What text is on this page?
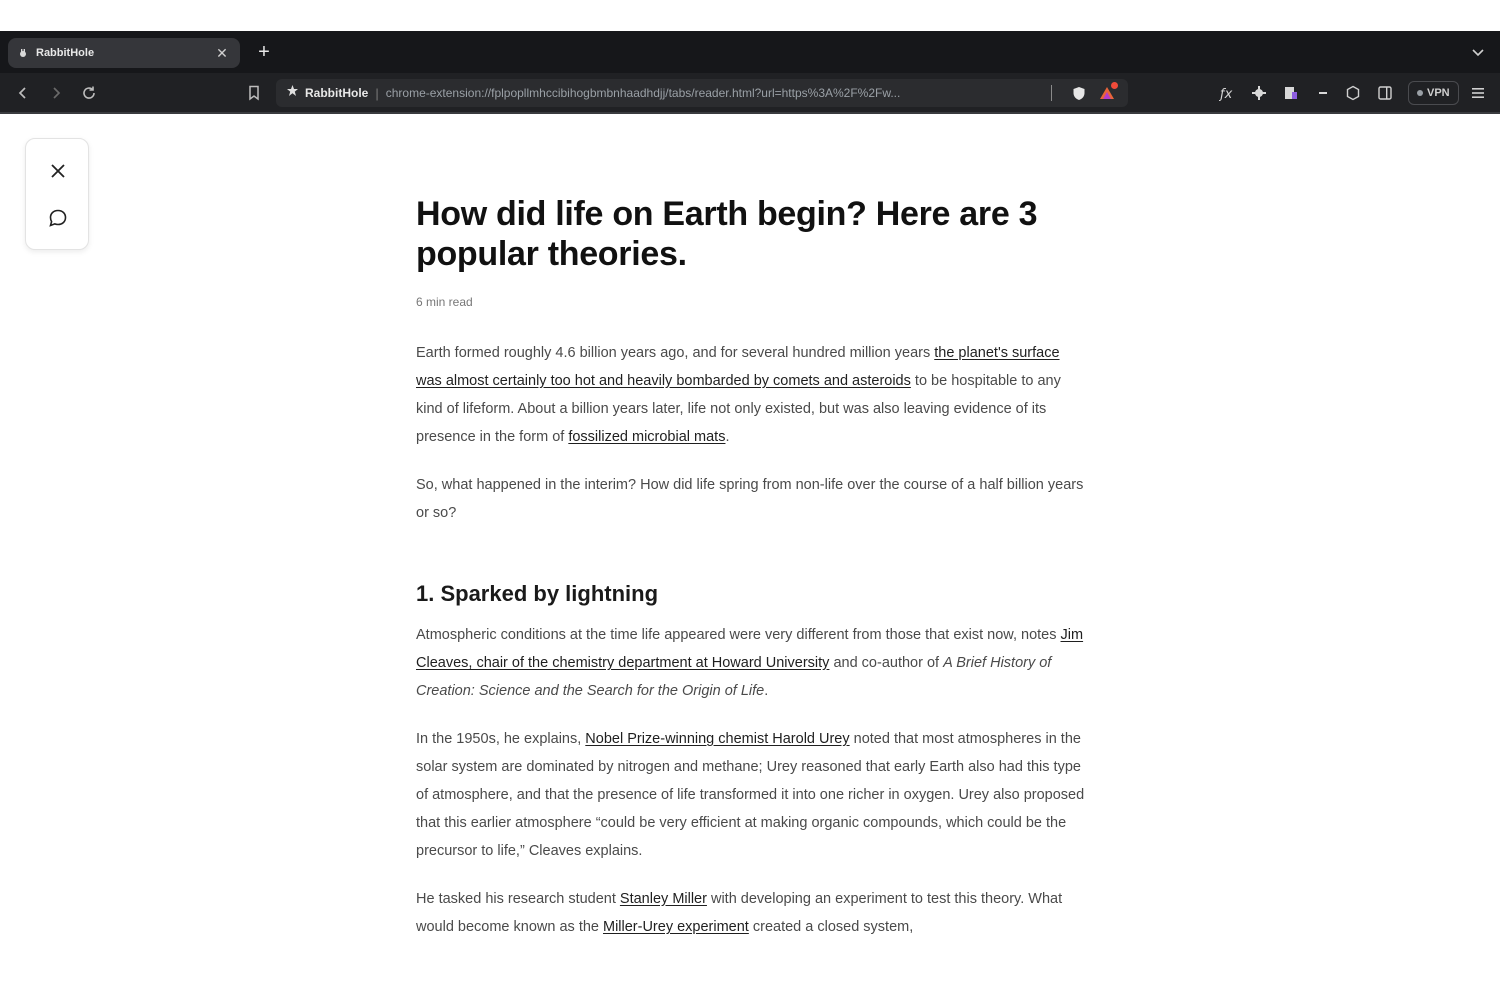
RabbitHole	✕ +
RabbitHole | chrome-extension://fplpopllmhccibihogbmbnhaadhdjj/tabs/reader.html?url=https%3A%2F%2Fw...	ƒx	VPN
How did life on Earth begin? Here are 3 popular theories.
6 min read

Earth formed roughly 4.6 billion years ago, and for several hundred million years the planet's surface was almost certainly too hot and heavily bombarded by comets and asteroids to be hospitable to any kind of lifeform. About a billion years later, life not only existed, but was also leaving evidence of its presence in the form of fossilized microbial mats.

So, what happened in the interim? How did life spring from non-life over the course of a half billion years or so?

1. Sparked by lightning

Atmospheric conditions at the time life appeared were very different from those that exist now, notes Jim Cleaves, chair of the chemistry department at Howard University and co-author of A Brief History of Creation: Science and the Search for the Origin of Life.

In the 1950s, he explains, Nobel Prize-winning chemist Harold Urey noted that most atmospheres in the solar system are dominated by nitrogen and methane; Urey reasoned that early Earth also had this type of atmosphere, and that the presence of life transformed it into one richer in oxygen. Urey also proposed that this earlier atmosphere “could be very efficient at making organic compounds, which could be the precursor to life,” Cleaves explains.

He tasked his research student Stanley Miller with developing an experiment to test this theory. What would become known as the Miller-Urey experiment created a closed system,
